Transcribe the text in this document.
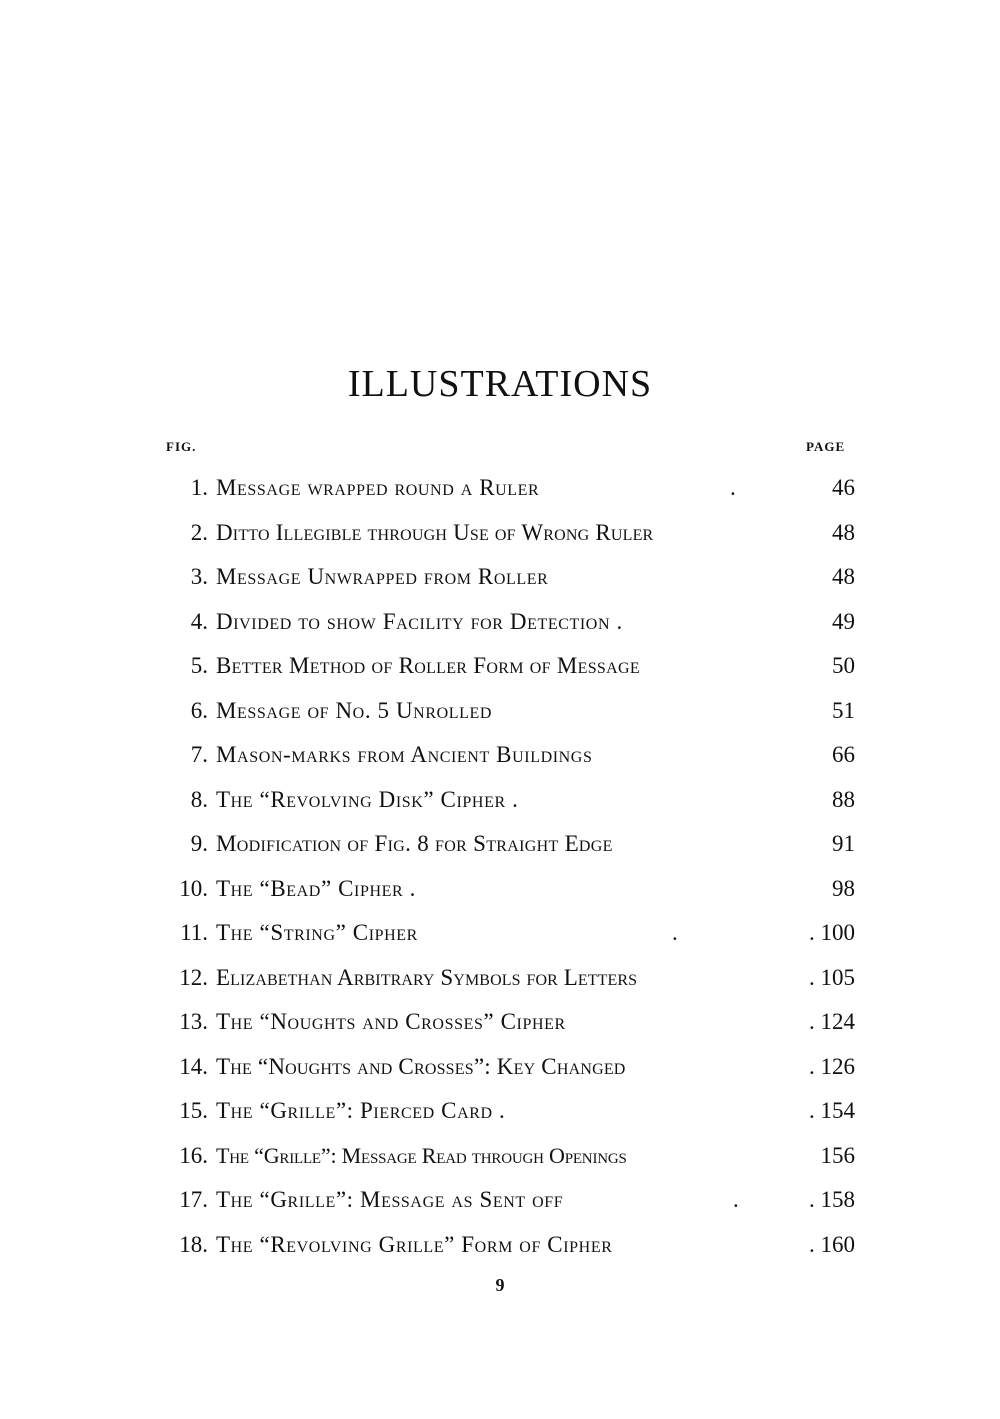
ILLUSTRATIONS
FIG.	PAGE
1. Message wrapped round a Ruler	.	46
2. Ditto Illegible through Use of Wrong Ruler	48
3. Message Unwrapped from Roller	48
4. Divided to show Facility for Detection .	49
5. Better Method of Roller Form of Message	50
6. Message of No. 5 Unrolled	51
7. Mason-marks from Ancient Buildings	66
8. The “Revolving Disk” Cipher .	88
9. Modification of Fig. 8 for Straight Edge	91
10. The “Bead” Cipher .	98
11. The “String” Cipher	.	. 100
12. Elizabethan Arbitrary Symbols for Letters	. 105
13. The “Noughts and Crosses” Cipher	. 124
14. The “Noughts and Crosses”: Key Changed	. 126
15. The “Grille”: Pierced Card .	. 154
16. The “Grille”: Message Read through Openings	156
17. The “Grille”: Message as Sent off	.	. 158
18. The “Revolving Grille” Form of Cipher	. 160
9
